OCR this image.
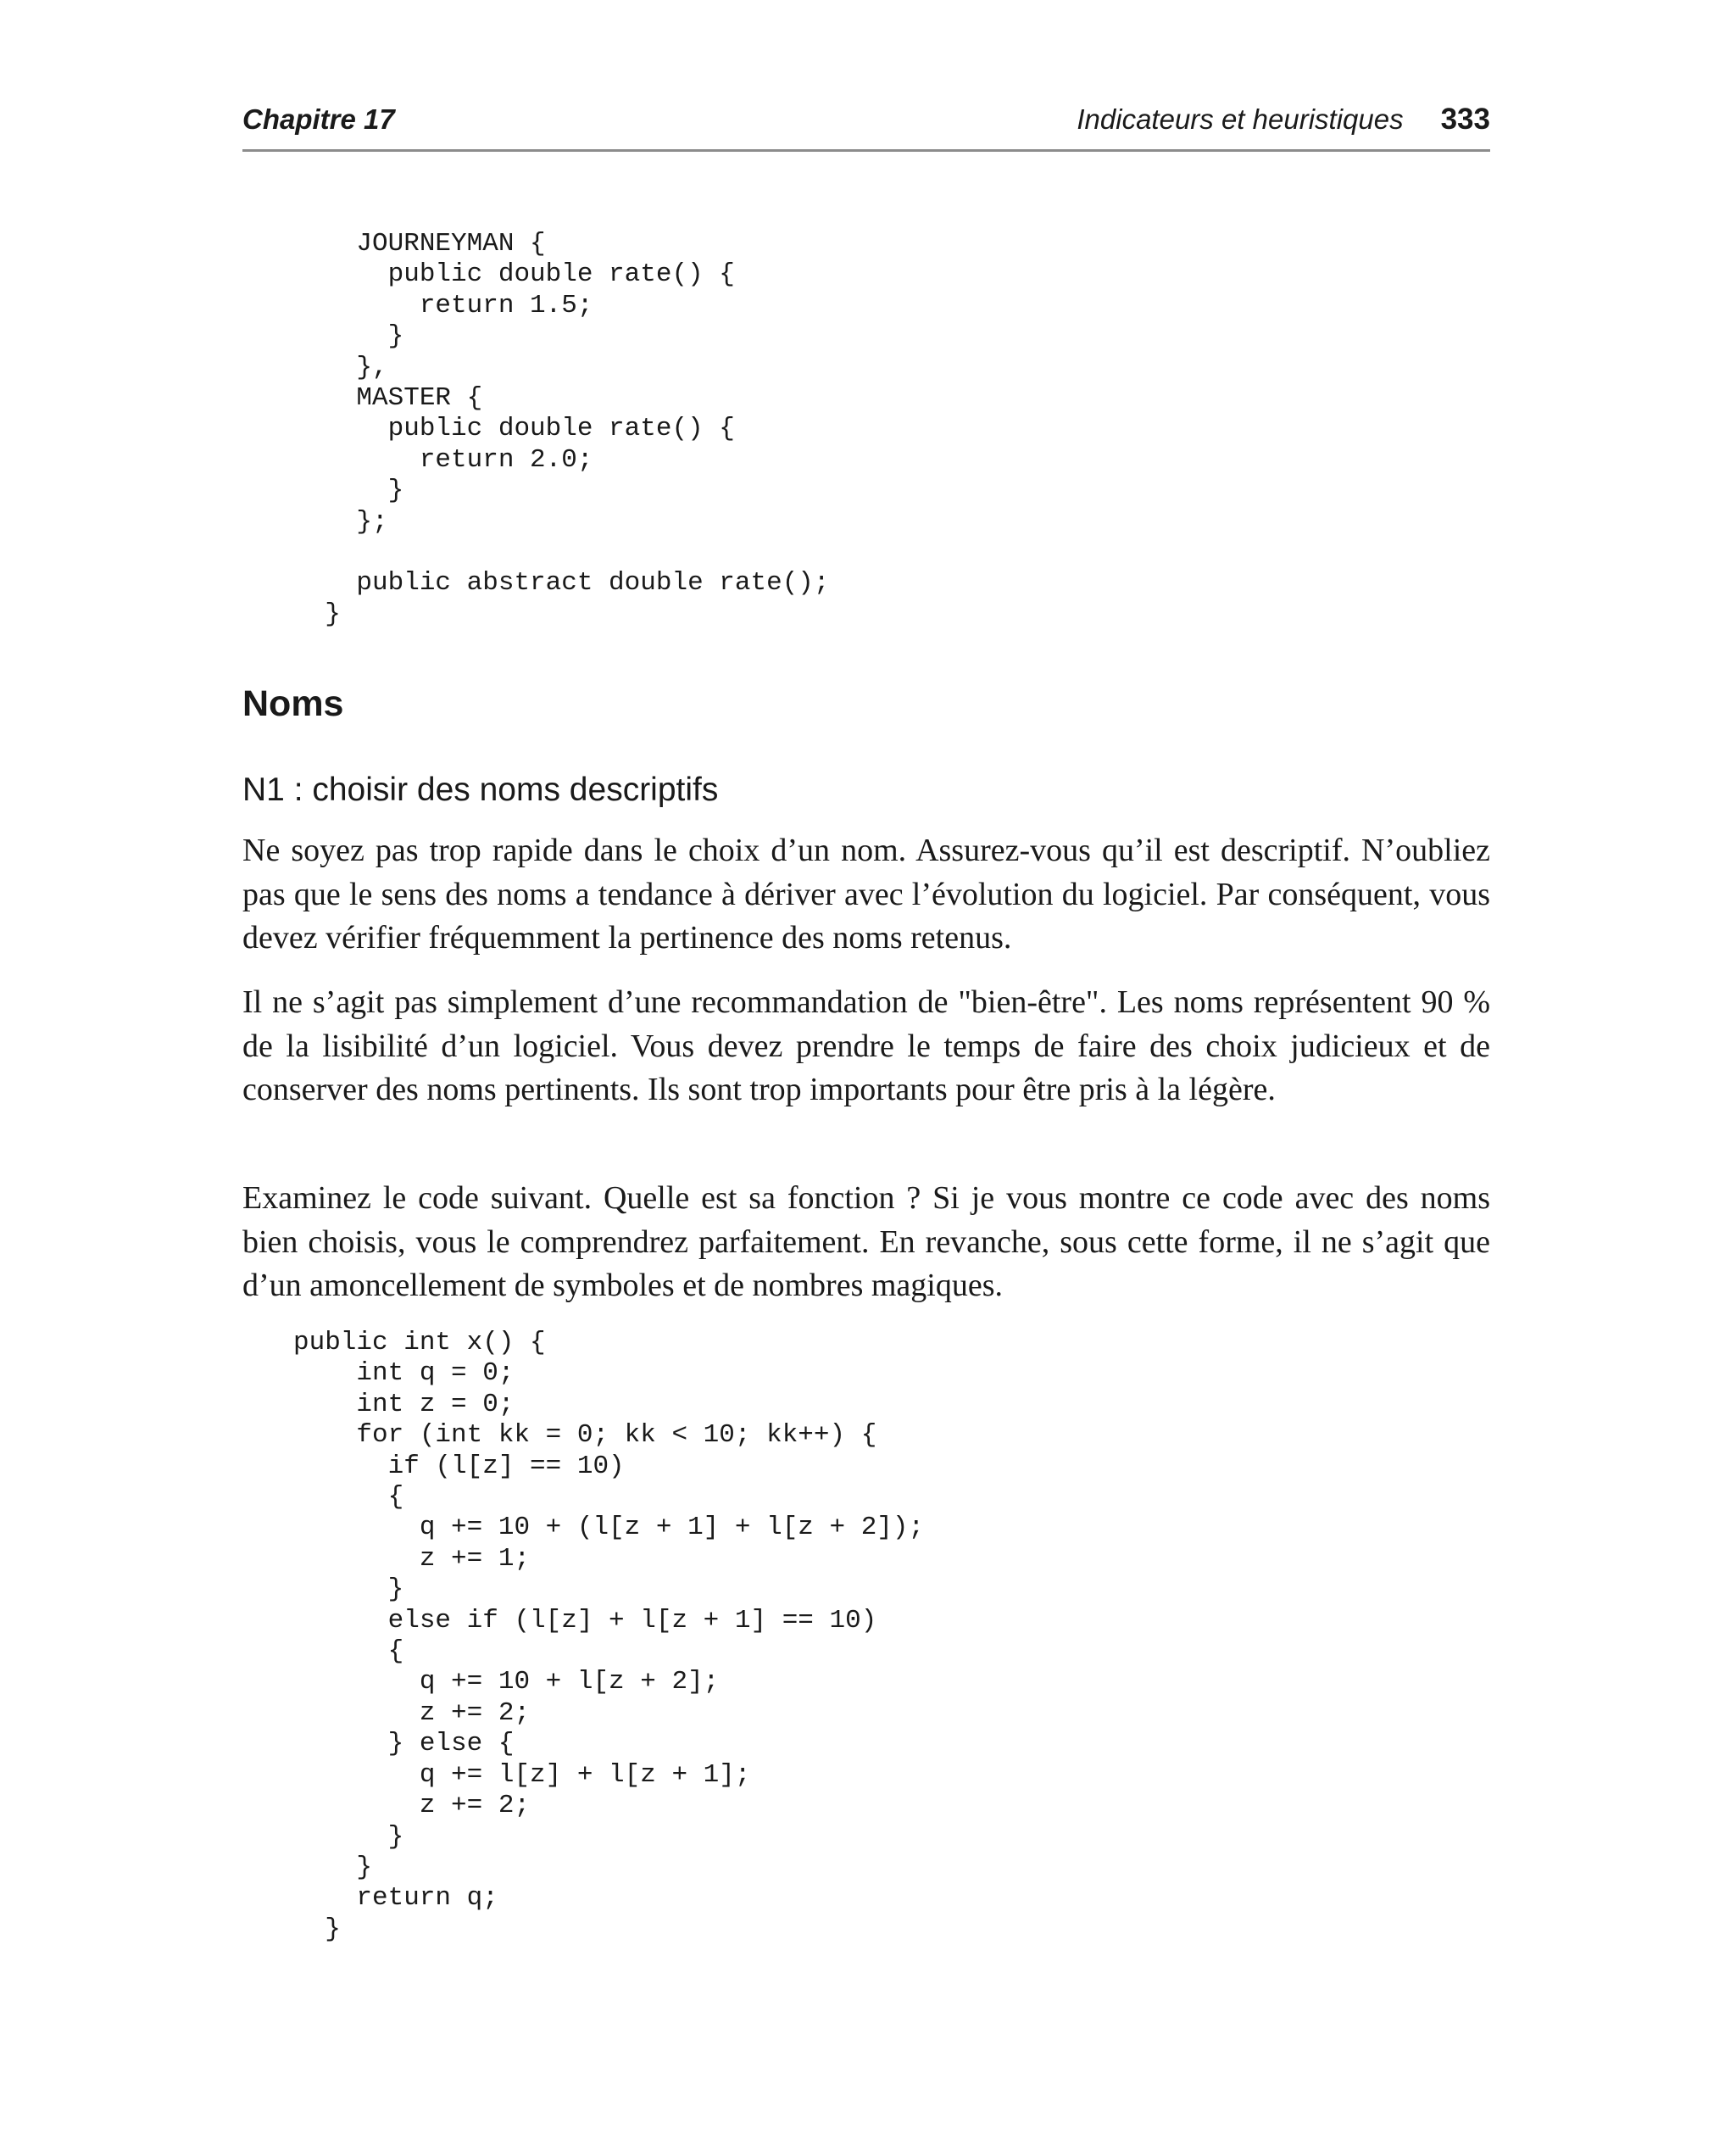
Chapitre 17	Indicateurs et heuristiques 333
JOURNEYMAN {
public double rate() {
return 1.5;
}
},
MASTER {
public double rate() {
return 2.0;
}
};

public abstract double rate();
}
Noms
N1 : choisir des noms descriptifs

Ne soyez pas trop rapide dans le choix d’un nom. Assurez-vous qu’il est descriptif. N’oubliez pas que le sens des noms a tendance à dériver avec l’évolution du logiciel. Par conséquent, vous devez vérifier fréquemment la pertinence des noms retenus.

Il ne s’agit pas simplement d’une recommandation de "bien-être". Les noms représentent 90 % de la lisibilité d’un logiciel. Vous devez prendre le temps de faire des choix judicieux et de conserver des noms pertinents. Ils sont trop importants pour être pris à la légère.

Examinez le code suivant. Quelle est sa fonction ? Si je vous montre ce code avec des noms bien choisis, vous le comprendrez parfaitement. En revanche, sous cette forme, il ne s’agit que d’un amoncellement de symboles et de nombres magiques.

public int x() {
int q = 0;
int z = 0;
for (int kk = 0; kk < 10; kk++) {
if (l[z] == 10)
{
q += 10 + (l[z + 1] + l[z + 2]);
z += 1;
}
else if (l[z] + l[z + 1] == 10)
{
q += 10 + l[z + 2];
z += 2;
} else {
q += l[z] + l[z + 1];
z += 2;
}
}
return q;
}
